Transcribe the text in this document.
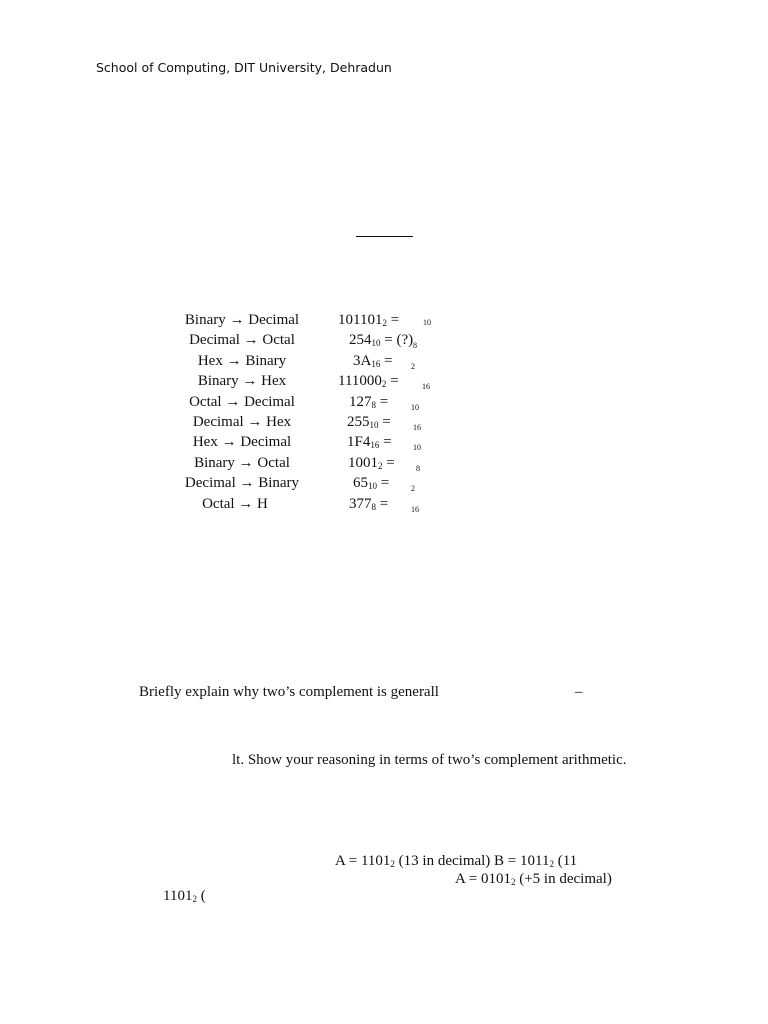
School of Computing, DIT University, Dehradun
Binary → Decimal	$101101_2$ =	10
Decimal → Octal	$254_{10}$ = (?) 8
Hex → Binary	$3A_{16} = 2$
Binary → Hex	$111000_2$ =	16
Octal → Decimal	$127_8$ =	10
Decimal → Hex	$255_{10}$ =	16
Hex → Decimal	$1F4_{16}$ =	10
Binary → Octal	$1001_2$ =	8
Decimal → Binary	$65_{10}$ =	2
Octal → H	$377_8$ =	16
Briefly explain why two’s complement is generall	–
lt. Show your reasoning in terms of two’s complement arithmetic.
$A = 1101_2$ (13 in decimal) $B = 1011_2$ (11
$A = 0101_2$ (+5 in decimal)
$1101_2$ (
